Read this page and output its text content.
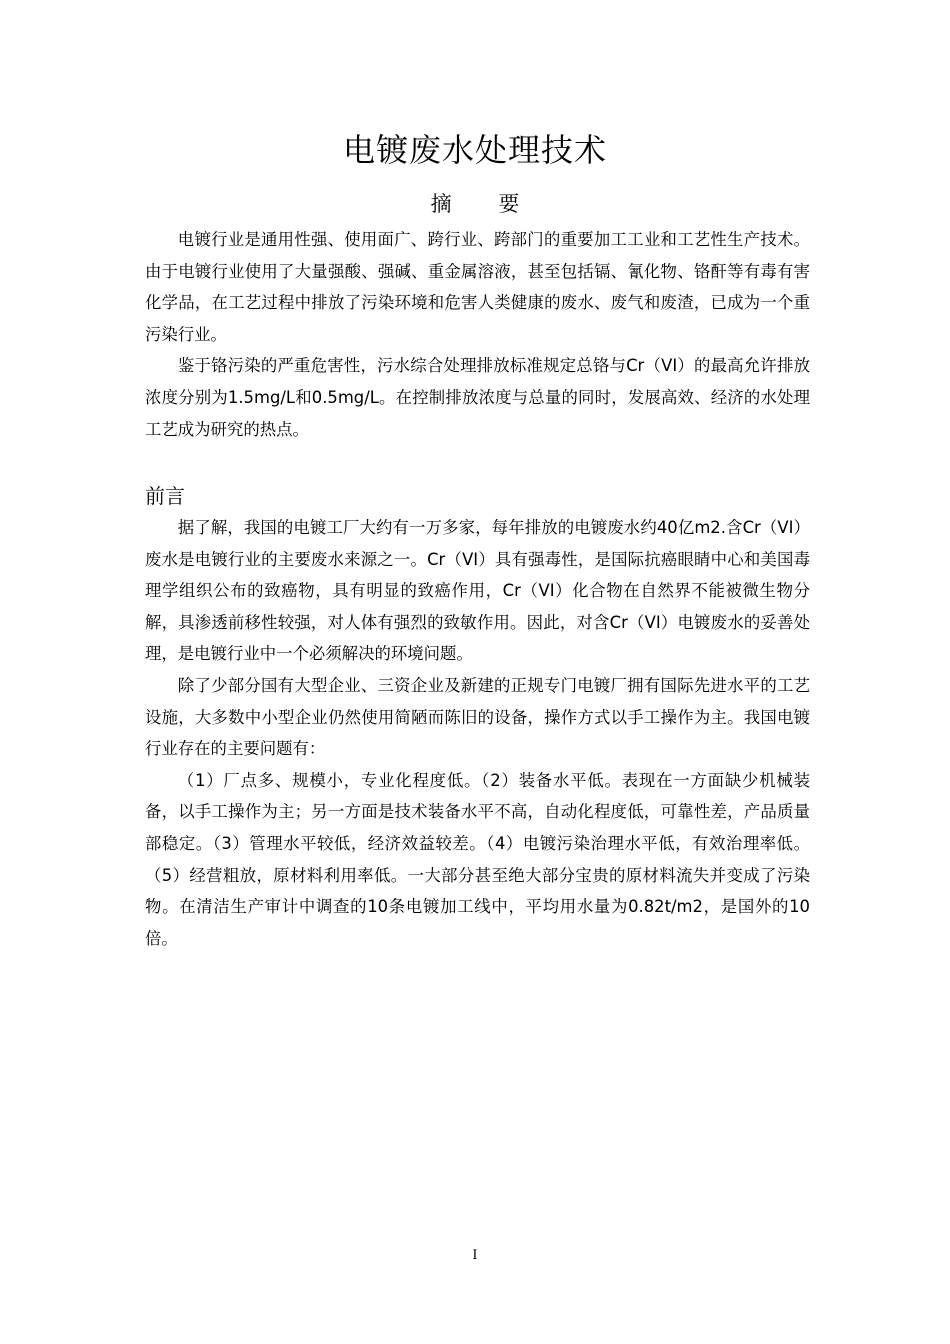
电镀废水处理技术
摘 要

电镀行业是通用性强、使用面广、跨行业、跨部门的重要加工工业和工艺性生产技术。由于电镀行业使用了大量强酸、强碱、重金属溶液，甚至包括镉、氰化物、铬酐等有毒有害化学品，在工艺过程中排放了污染环境和危害人类健康的废水、废气和废渣，已成为一个重污染行业。

鉴于铬污染的严重危害性，污水综合处理排放标准规定总铬与Cr（VI）的最高允许排放浓度分别为1.5mg/L和0.5mg/L。在控制排放浓度与总量的同时，发展高效、经济的水处理工艺成为研究的热点。

前言

据了解，我国的电镀工厂大约有一万多家，每年排放的电镀废水约40亿m2.含Cr（VI）废水是电镀行业的主要废水来源之一。Cr（VI）具有强毒性，是国际抗癌眼睛中心和美国毒理学组织公布的致癌物，具有明显的致癌作用，Cr（VI）化合物在自然界不能被微生物分解，具渗透前移性较强，对人体有强烈的致敏作用。因此，对含Cr（VI）电镀废水的妥善处理，是电镀行业中一个必须解决的环境问题。

除了少部分国有大型企业、三资企业及新建的正规专门电镀厂拥有国际先进水平的工艺设施，大多数中小型企业仍然使用简陋而陈旧的设备，操作方式以手工操作为主。我国电镀行业存在的主要问题有：

（1）厂点多、规模小，专业化程度低。（2）装备水平低。表现在一方面缺少机械装备，以手工操作为主；另一方面是技术装备水平不高，自动化程度低，可靠性差，产品质量部稳定。（3）管理水平较低，经济效益较差。（4）电镀污染治理水平低，有效治理率低。（5）经营粗放，原材料利用率低。一大部分甚至绝大部分宝贵的原材料流失并变成了污染物。在清洁生产审计中调查的10条电镀加工线中，平均用水量为0.82t/m2，是国外的10倍。

I
